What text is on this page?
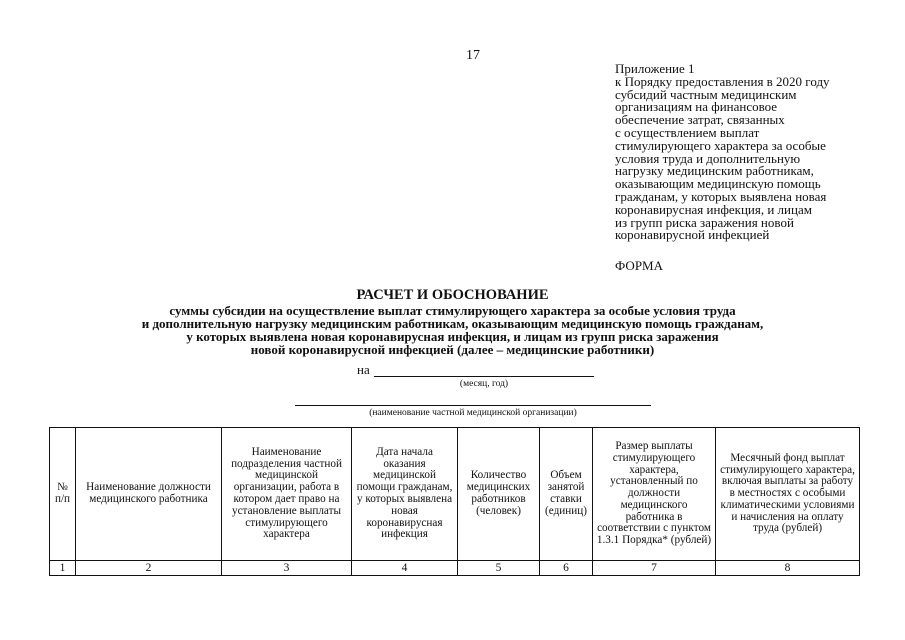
17
Приложение 1
к Порядку предоставления в 2020 году
субсидий частным медицинским
организациям на финансовое
обеспечение затрат, связанных
с осуществлением выплат
стимулирующего характера за особые
условия труда и дополнительную
нагрузку медицинским работникам,
оказывающим медицинскую помощь
гражданам, у которых выявлена новая
коронавирусная инфекция, и лицам
из групп риска заражения новой
коронавирусной инфекцией
ФОРМА
РАСЧЕТ И ОБОСНОВАНИЕ
суммы субсидии на осуществление выплат стимулирующего характера за особые условия труда
и дополнительную нагрузку медицинским работникам, оказывающим медицинскую помощь гражданам,
у которых выявлена новая коронавирусная инфекция, и лицам из групп риска заражения
новой коронавирусной инфекцией (далее – медицинские работники)
на
(месяц, год)
(наименование частной медицинской организации)
№ п/п	Наименование должности медицинского работника	Наименование подразделения частной медицинской организации, работа в котором дает право на установление выплаты стимулирующего характера	Дата начала оказания медицинской помощи гражданам, у которых выявлена новая коронавирусная инфекция	Количество медицинских работников (человек)	Объем занятой ставки (единиц)	Размер выплаты стимулирующего характера, установленный по должности медицинского работника в соответствии с пунктом 1.3.1 Порядка* (рублей)	Месячный фонд выплат стимулирующего характера, включая выплаты за работу в местностях с особыми климатическими условиями и начисления на оплату труда (рублей)
1	2	3	4	5	6	7	8
